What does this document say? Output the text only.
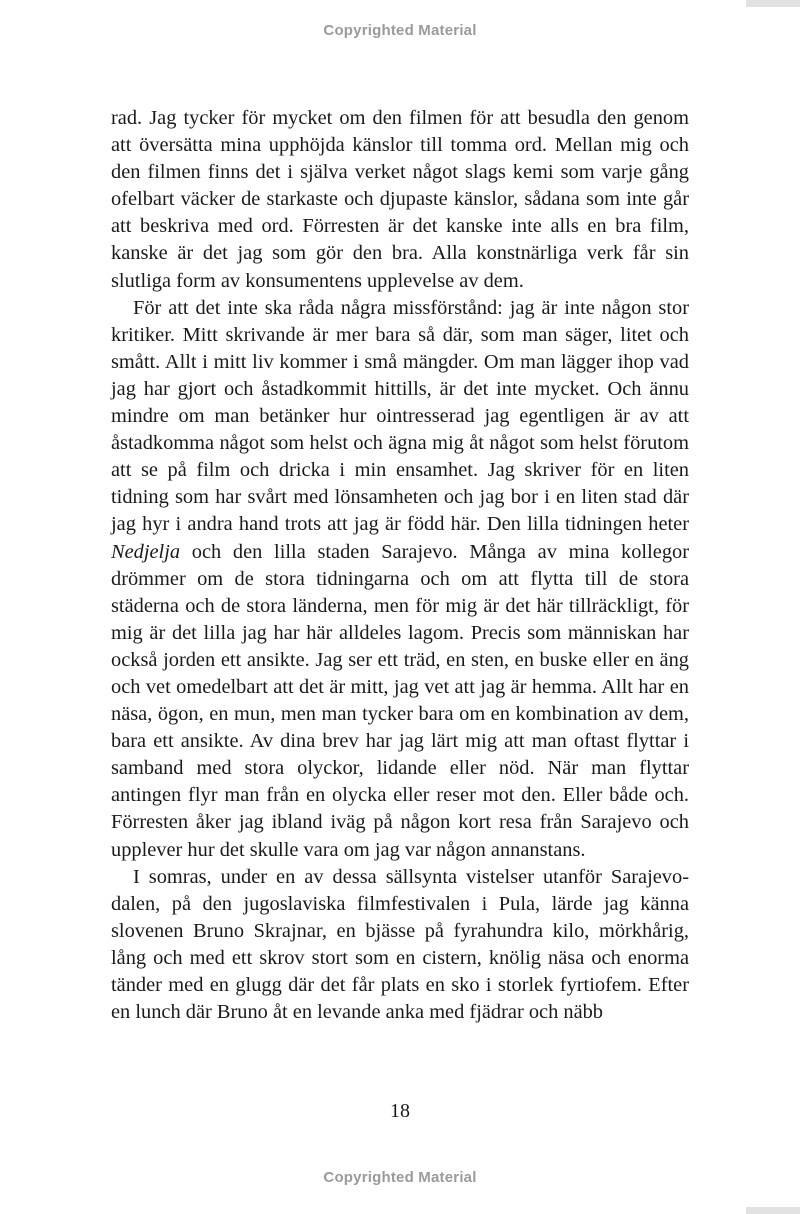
Copyrighted Material

rad. Jag tycker för mycket om den filmen för att besudla den genom att översätta mina upphöjda känslor till tomma ord. Mellan mig och den filmen finns det i själva verket något slags kemi som varje gång ofelbart väcker de starkaste och djupaste känslor, sådana som inte går att beskriva med ord. Förresten är det kanske inte alls en bra film, kanske är det jag som gör den bra. Alla konstnärliga verk får sin slutliga form av konsumentens upplevelse av dem.

För att det inte ska råda några missförstånd: jag är inte någon stor kritiker. Mitt skrivande är mer bara så där, som man säger, litet och smått. Allt i mitt liv kommer i små mängder. Om man lägger ihop vad jag har gjort och åstadkommit hittills, är det inte mycket. Och ännu mindre om man betänker hur ointresserad jag egentligen är av att åstadkomma något som helst och ägna mig åt något som helst förutom att se på film och dricka i min ensamhet. Jag skriver för en liten tidning som har svårt med lönsamheten och jag bor i en liten stad där jag hyr i andra hand trots att jag är född här. Den lilla tidningen heter Nedjelja och den lilla staden Sarajevo. Många av mina kollegor drömmer om de stora tidningarna och om att flytta till de stora städerna och de stora länderna, men för mig är det här tillräckligt, för mig är det lilla jag har här alldeles lagom. Precis som människan har också jorden ett ansikte. Jag ser ett träd, en sten, en buske eller en äng och vet omedelbart att det är mitt, jag vet att jag är hemma. Allt har en näsa, ögon, en mun, men man tycker bara om en kombination av dem, bara ett ansikte. Av dina brev har jag lärt mig att man oftast flyttar i samband med stora olyckor, lidande eller nöd. När man flyttar antingen flyr man från en olycka eller reser mot den. Eller både och. Förresten åker jag ibland iväg på någon kort resa från Sarajevo och upplever hur det skulle vara om jag var någon annanstans.

I somras, under en av dessa sällsynta vistelser utanför Sarajevodalen, på den jugoslaviska filmfestivalen i Pula, lärde jag känna slovenen Bruno Skrajnar, en bjässe på fyrahundra kilo, mörkhårig, lång och med ett skrov stort som en cistern, knölig näsa och enorma tänder med en glugg där det får plats en sko i storlek fyrtiofem. Efter en lunch där Bruno åt en levande anka med fjädrar och näbb

18
Copyrighted Material
